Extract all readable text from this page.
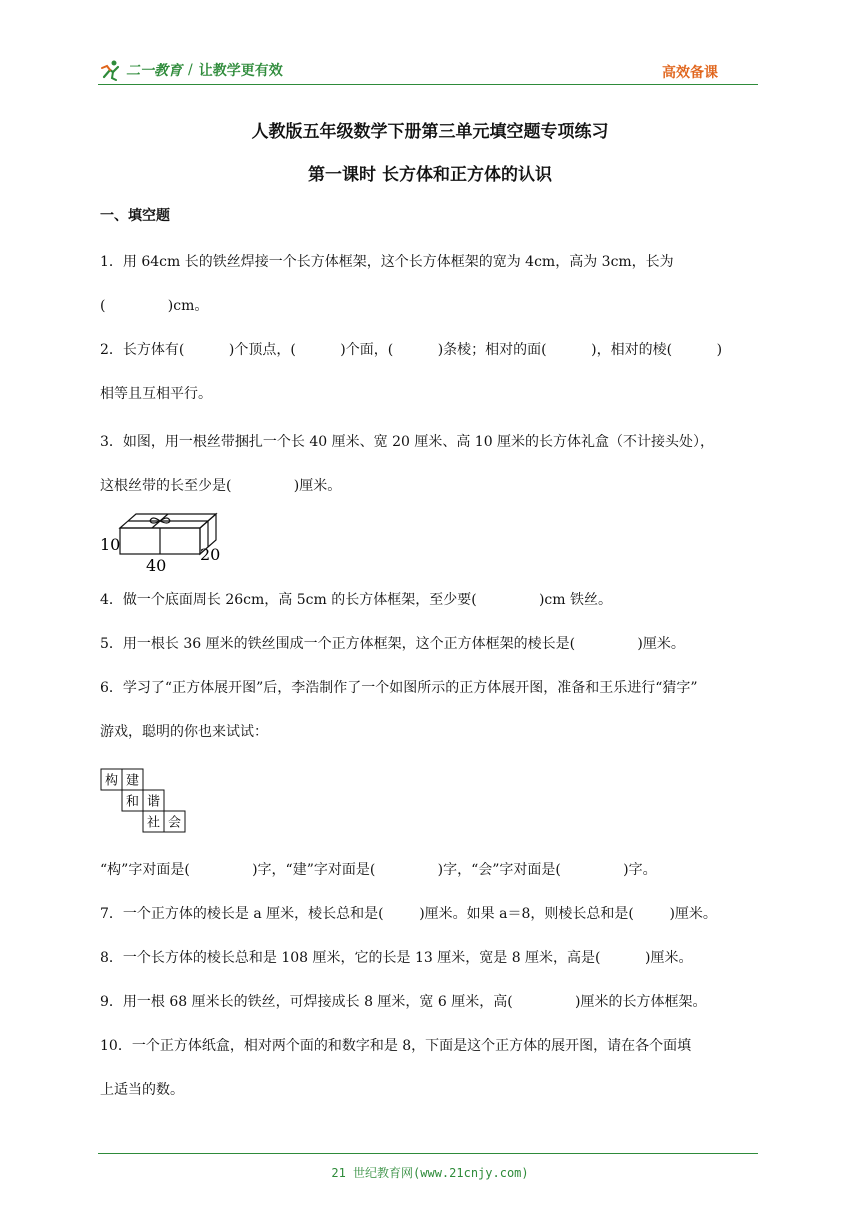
二一教育 / 让教学更有效	高效备课
人教版五年级数学下册第三单元填空题专项练习
第一课时 长方体和正方体的认识
一、填空题
1．用 64cm 长的铁丝焊接一个长方体框架，这个长方体框架的宽为 4cm，高为 3cm，长为
(              )cm。
2．长方体有(          )个顶点，(          )个面，(          )条棱；相对的面(          )，相对的棱(          )
相等且互相平行。
3．如图，用一根丝带捆扎一个长 40 厘米、宽 20 厘米、高 10 厘米的长方体礼盒（不计接头处），
这根丝带的长至少是(              )厘米。
10
40
20
4．做一个底面周长 26cm，高 5cm 的长方体框架，至少要(              )cm 铁丝。
5．用一根长 36 厘米的铁丝围成一个正方体框架，这个正方体框架的棱长是(              )厘米。
6．学习了“正方体展开图”后，李浩制作了一个如图所示的正方体展开图，准备和王乐进行“猜字”
游戏，聪明的你也来试试：
构 建
和 谐
社 会
“构”字对面是(              )字，“建”字对面是(              )字，“会”字对面是(              )字。
7．一个正方体的棱长是 a 厘米，棱长总和是(        )厘米。如果 a＝8，则棱长总和是(        )厘米。
8．一个长方体的棱长总和是 108 厘米，它的长是 13 厘米，宽是 8 厘米，高是(          )厘米。
9．用一根 68 厘米长的铁丝，可焊接成长 8 厘米，宽 6 厘米，高(              )厘米的长方体框架。
10．一个正方体纸盒，相对两个面的和数字和是 8，下面是这个正方体的展开图，请在各个面填
上适当的数。
21 世纪教育网(www.21cnjy.com)
